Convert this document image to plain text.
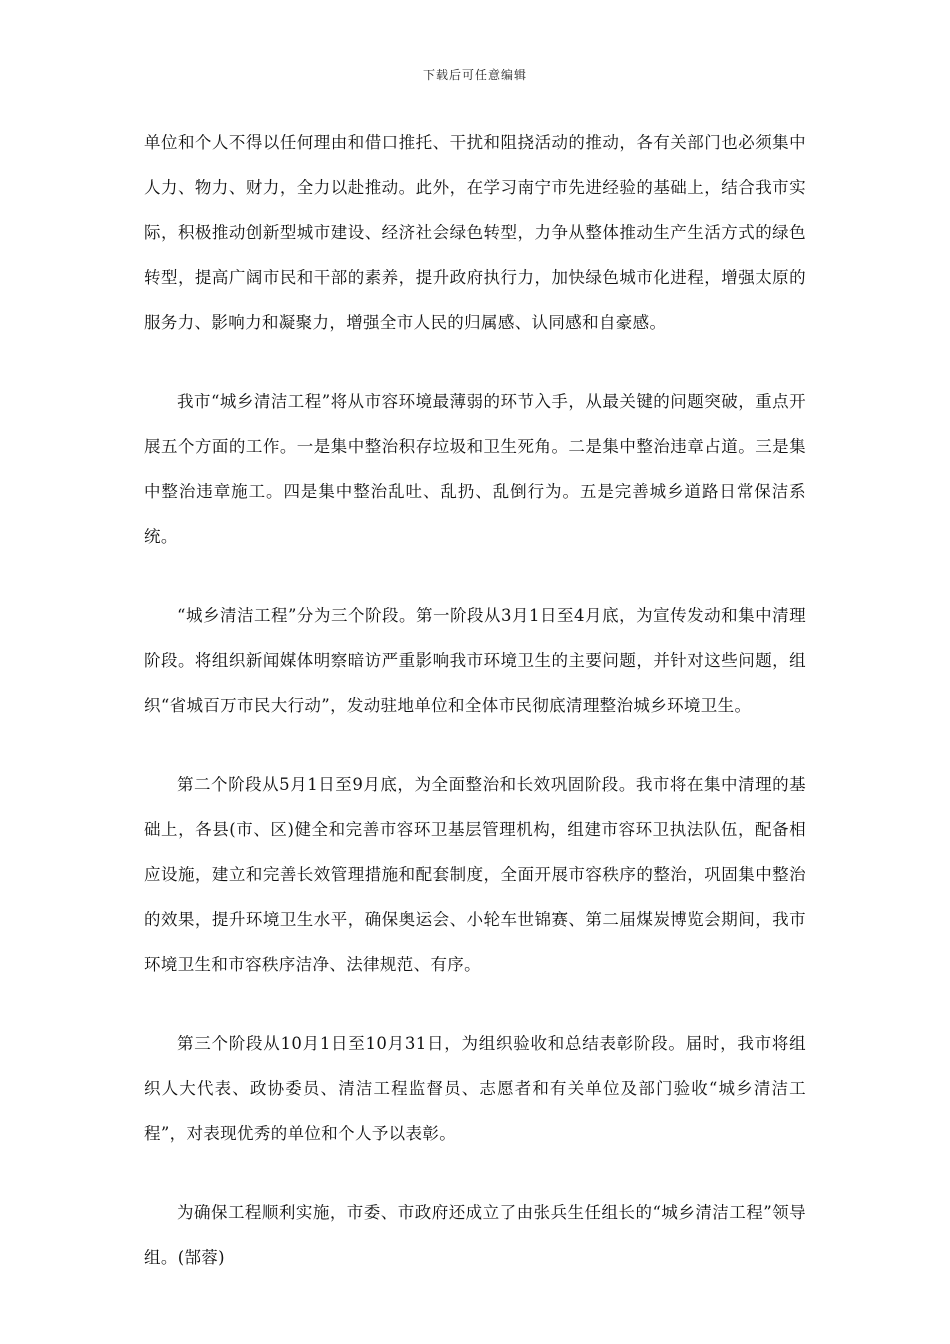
下载后可任意编辑

单位和个人不得以任何理由和借口推托、干扰和阻挠活动的推动，各有关部门也必须集中人力、物力、财力，全力以赴推动。此外，在学习南宁市先进经验的基础上，结合我市实际，积极推动创新型城市建设、经济社会绿色转型，力争从整体推动生产生活方式的绿色转型，提高广阔市民和干部的素养，提升政府执行力，加快绿色城市化进程，增强太原的服务力、影响力和凝聚力，增强全市人民的归属感、认同感和自豪感。

我市“城乡清洁工程”将从市容环境最薄弱的环节入手，从最关键的问题突破，重点开展五个方面的工作。一是集中整治积存垃圾和卫生死角。二是集中整治违章占道。三是集中整治违章施工。四是集中整治乱吐、乱扔、乱倒行为。五是完善城乡道路日常保洁系统。

“城乡清洁工程”分为三个阶段。第一阶段从3月1日至4月底，为宣传发动和集中清理阶段。将组织新闻媒体明察暗访严重影响我市环境卫生的主要问题，并针对这些问题，组织“省城百万市民大行动”，发动驻地单位和全体市民彻底清理整治城乡环境卫生。

第二个阶段从5月1日至9月底，为全面整治和长效巩固阶段。我市将在集中清理的基础上，各县(市、区)健全和完善市容环卫基层管理机构，组建市容环卫执法队伍，配备相应设施，建立和完善长效管理措施和配套制度，全面开展市容秩序的整治，巩固集中整治的效果，提升环境卫生水平，确保奥运会、小轮车世锦赛、第二届煤炭博览会期间，我市环境卫生和市容秩序洁净、法律规范、有序。

第三个阶段从10月1日至10月31日，为组织验收和总结表彰阶段。届时，我市将组织人大代表、政协委员、清洁工程监督员、志愿者和有关单位及部门验收“城乡清洁工程”，对表现优秀的单位和个人予以表彰。

为确保工程顺利实施，市委、市政府还成立了由张兵生任组长的“城乡清洁工程”领导组。(郜蓉)
